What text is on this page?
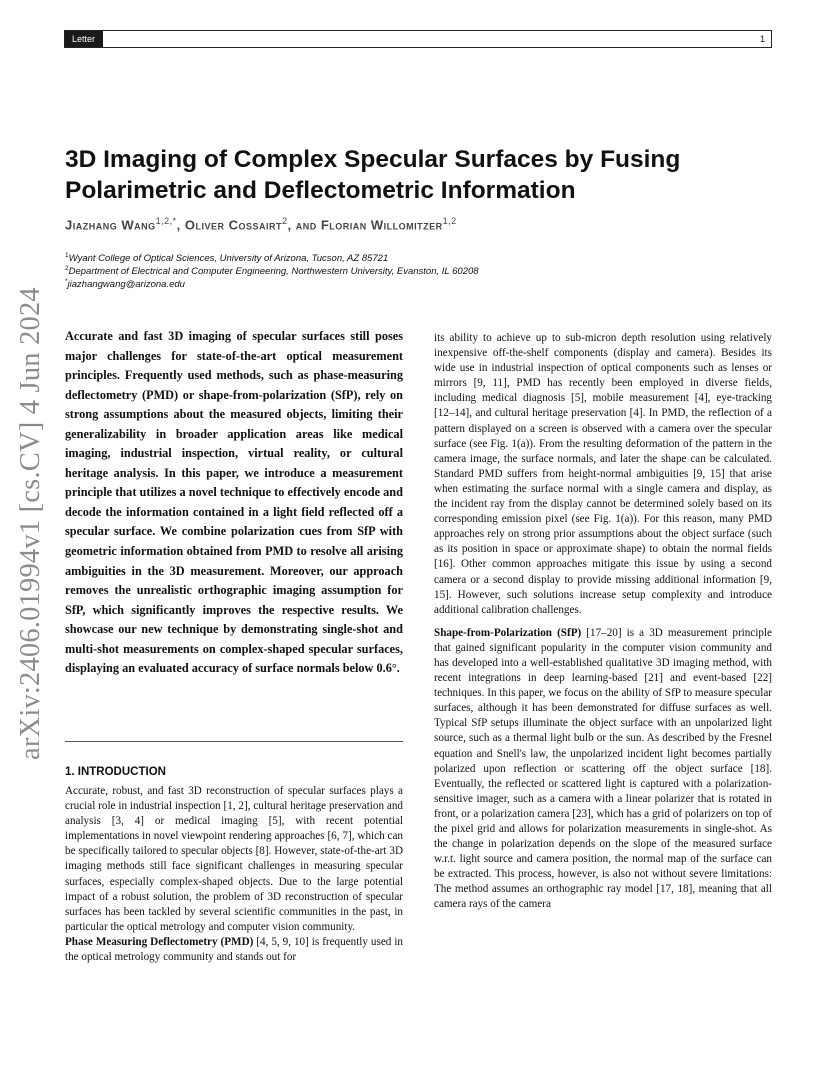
Letter	1
arXiv:2406.01994v1 [cs.CV] 4 Jun 2024
3D Imaging of Complex Specular Surfaces by Fusing Polarimetric and Deflectometric Information
Jiazhang Wang$^{1,2,*}$, Oliver Cossairt$^2$, and Florian Willomitzer$^{1,2}$
$^1$Wyant College of Optical Sciences, University of Arizona, Tucson, AZ 85721
$^2$Department of Electrical and Computer Engineering, Northwestern University, Evanston, IL 60208
*jiazhangwang@arizona.edu

Accurate and fast 3D imaging of specular surfaces still poses major challenges for state-of-the-art optical measurement principles. Frequently used methods, such as phase-measuring deflectometry (PMD) or shape-from-polarization (SfP), rely on strong assumptions about the measured objects, limiting their generalizability in broader application areas like medical imaging, industrial inspection, virtual reality, or cultural heritage analysis. In this paper, we introduce a measurement principle that utilizes a novel technique to effectively encode and decode the information contained in a light field reflected off a specular surface. We combine polarization cues from SfP with geometric information obtained from PMD to resolve all arising ambiguities in the 3D measurement. Moreover, our approach removes the unrealistic orthographic imaging assumption for SfP, which significantly improves the respective results. We showcase our new technique by demonstrating single-shot and multi-shot measurements on complex-shaped specular surfaces, displaying an evaluated accuracy of surface normals below 0.6°.

1. INTRODUCTION

Accurate, robust, and fast 3D reconstruction of specular surfaces plays a crucial role in industrial inspection [1, 2], cultural heritage preservation and analysis [3, 4] or medical imaging [5], with recent potential implementations in novel viewpoint rendering approaches [6, 7], which can be specifically tailored to specular objects [8]. However, state-of-the-art 3D imaging methods still face significant challenges in measuring specular surfaces, especially complex-shaped objects. Due to the large potential impact of a robust solution, the problem of 3D reconstruction of specular surfaces has been tackled by several scientific communities in the past, in particular the optical metrology and computer vision community.

Phase Measuring Deflectometry (PMD) [4, 5, 9, 10] is frequently used in the optical metrology community and stands out for

its ability to achieve up to sub-micron depth resolution using relatively inexpensive off-the-shelf components (display and camera). Besides its wide use in industrial inspection of optical components such as lenses or mirrors [9, 11], PMD has recently been employed in diverse fields, including medical diagnosis [5], mobile measurement [4], eye-tracking [12–14], and cultural heritage preservation [4]. In PMD, the reflection of a pattern displayed on a screen is observed with a camera over the specular surface (see Fig. 1(a)). From the resulting deformation of the pattern in the camera image, the surface normals, and later the shape can be calculated. Standard PMD suffers from height-normal ambiguities [9, 15] that arise when estimating the surface normal with a single camera and display, as the incident ray from the display cannot be determined solely based on its corresponding emission pixel (see Fig. 1(a)). For this reason, many PMD approaches rely on strong prior assumptions about the object surface (such as its position in space or approximate shape) to obtain the normal fields [16]. Other common approaches mitigate this issue by using a second camera or a second display to provide missing additional information [9, 15]. However, such solutions increase setup complexity and introduce additional calibration challenges.

Shape-from-Polarization (SfP) [17–20] is a 3D measurement principle that gained significant popularity in the computer vision community and has developed into a well-established qualitative 3D imaging method, with recent integrations in deep learning-based [21] and event-based [22] techniques. In this paper, we focus on the ability of SfP to measure specular surfaces, although it has been demonstrated for diffuse surfaces as well. Typical SfP setups illuminate the object surface with an unpolarized light source, such as a thermal light bulb or the sun. As described by the Fresnel equation and Snell's law, the unpolarized incident light becomes partially polarized upon reflection or scattering off the object surface [18]. Eventually, the reflected or scattered light is captured with a polarization-sensitive imager, such as a camera with a linear polarizer that is rotated in front, or a polarization camera [23], which has a grid of polarizers on top of the pixel grid and allows for polarization measurements in single-shot. As the change in polarization depends on the slope of the measured surface w.r.t. light source and camera position, the normal map of the surface can be extracted. This process, however, is also not without severe limitations: The method assumes an orthographic ray model [17, 18], meaning that all camera rays of the camera
